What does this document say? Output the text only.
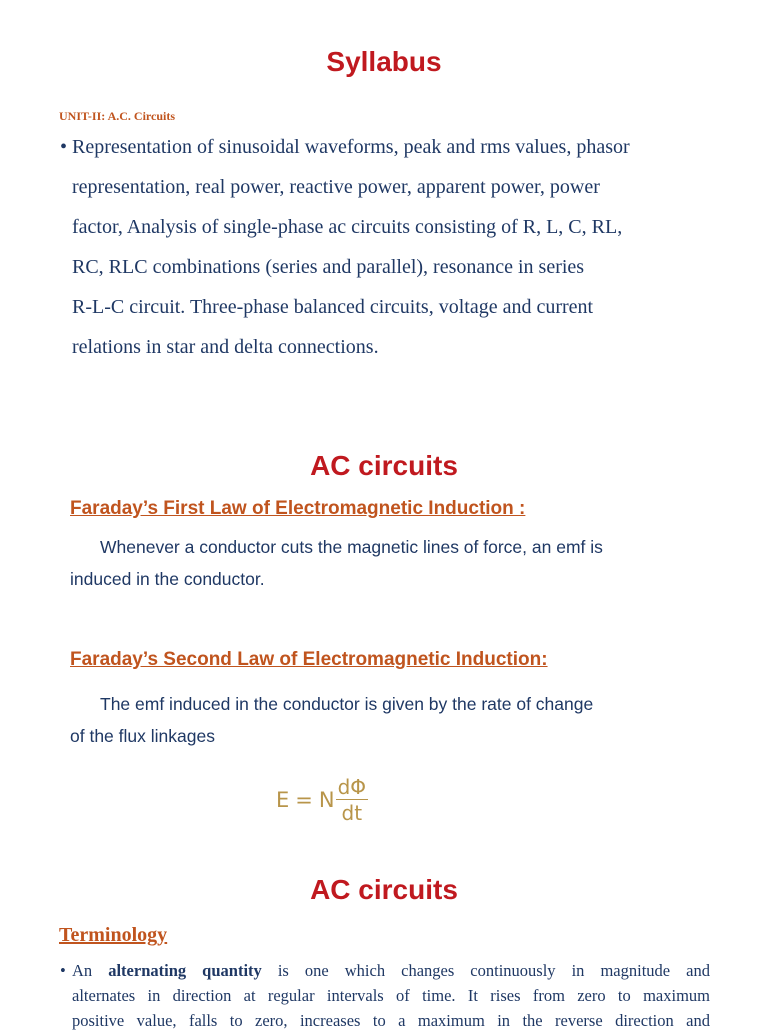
Syllabus

UNIT-II: A.C. Circuits

• Representation of sinusoidal waveforms, peak and rms values, phasor
representation, real power, reactive power, apparent power, power
factor, Analysis of single-phase ac circuits consisting of R, L, C, RL,
RC, RLC combinations (series and parallel), resonance in series
R-L-C circuit. Three-phase balanced circuits, voltage and current
relations in star and delta connections.
AC circuits
Faraday’s First Law of Electromagnetic Induction :
Whenever a conductor cuts the magnetic lines of force, an emf is
induced in the conductor.
Faraday’s Second Law of Electromagnetic Induction:
The emf induced in the conductor is given by the rate of change
of the flux linkages
E = N $\frac{d\Phi}{dt}$
AC circuits
Terminology
• An alternating quantity is one which changes continuously in magnitude and
alternates in direction at regular intervals of time. It rises from zero to maximum
positive value, falls to zero, increases to a maximum in the reverse direction and
